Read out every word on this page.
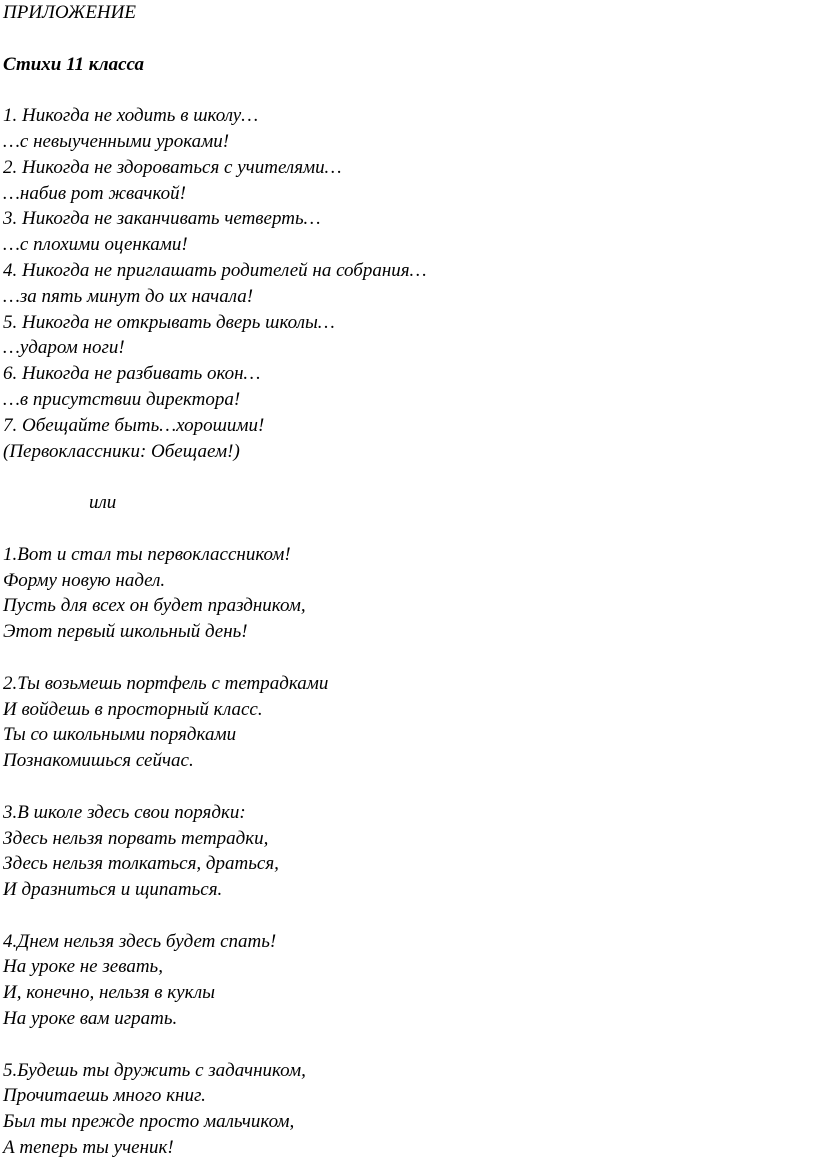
ПРИЛОЖЕНИЕ
Стихи 11 класса
1. Никогда не ходить в школу…
…с невыученными уроками!
2. Никогда не здороваться с учителями…
…набив рот жвачкой!
3. Никогда не заканчивать четверть…
…с плохими оценками!
4. Никогда не приглашать родителей на собрания…
…за пять минут до их начала!
5. Никогда не открывать дверь школы…
…ударом ноги!
6. Никогда не разбивать окон…
…в присутствии директора!
7. Обещайте быть…хорошими!
(Первоклассники: Обещаем!)
или
1.Вот и стал ты первоклассником!
Форму новую надел.
Пусть для всех он будет праздником,
Этот первый школьный день!
2.Ты возьмешь портфель с тетрадками
И войдешь в просторный класс.
Ты со школьными порядками
Познакомишься сейчас.
3.В школе здесь свои порядки:
Здесь нельзя порвать тетрадки,
Здесь нельзя толкаться, драться,
И дразниться и щипаться.
4.Днем нельзя здесь будет спать!
На уроке не зевать,
И, конечно, нельзя в куклы
На уроке вам играть.
5.Будешь ты дружить с задачником,
Прочитаешь много книг.
Был ты прежде просто мальчиком,
А теперь ты ученик!
